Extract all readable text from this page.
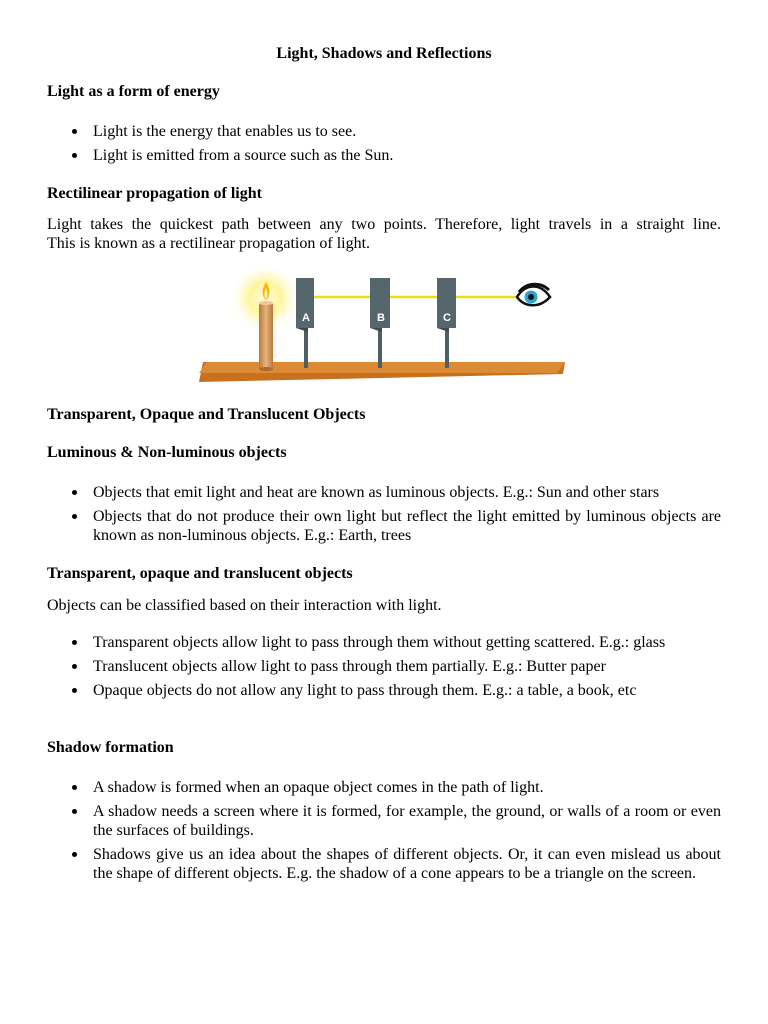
Light, Shadows and Reflections
Light as a form of energy
Light is the energy that enables us to see.
Light is emitted from a source such as the Sun.
Rectilinear propagation of light
Light takes the quickest path between any two points. Therefore, light travels in a straight line.
This is known as a rectilinear propagation of light.
A	B	C
Transparent, Opaque and Translucent Objects
Luminous & Non-luminous objects
Objects that emit light and heat are known as luminous objects. E.g.: Sun and other stars
Objects that do not produce their own light but reflect the light emitted by luminous objects are known as non-luminous objects. E.g.: Earth, trees
Transparent, opaque and translucent objects
Objects can be classified based on their interaction with light.
Transparent objects allow light to pass through them without getting scattered. E.g.: glass
Translucent objects allow light to pass through them partially. E.g.: Butter paper
Opaque objects do not allow any light to pass through them. E.g.: a table, a book, etc
Shadow formation
A shadow is formed when an opaque object comes in the path of light.
A shadow needs a screen where it is formed, for example, the ground, or walls of a room or even the surfaces of buildings.
Shadows give us an idea about the shapes of different objects. Or, it can even mislead us about the shape of different objects. E.g. the shadow of a cone appears to be a triangle on the screen.
